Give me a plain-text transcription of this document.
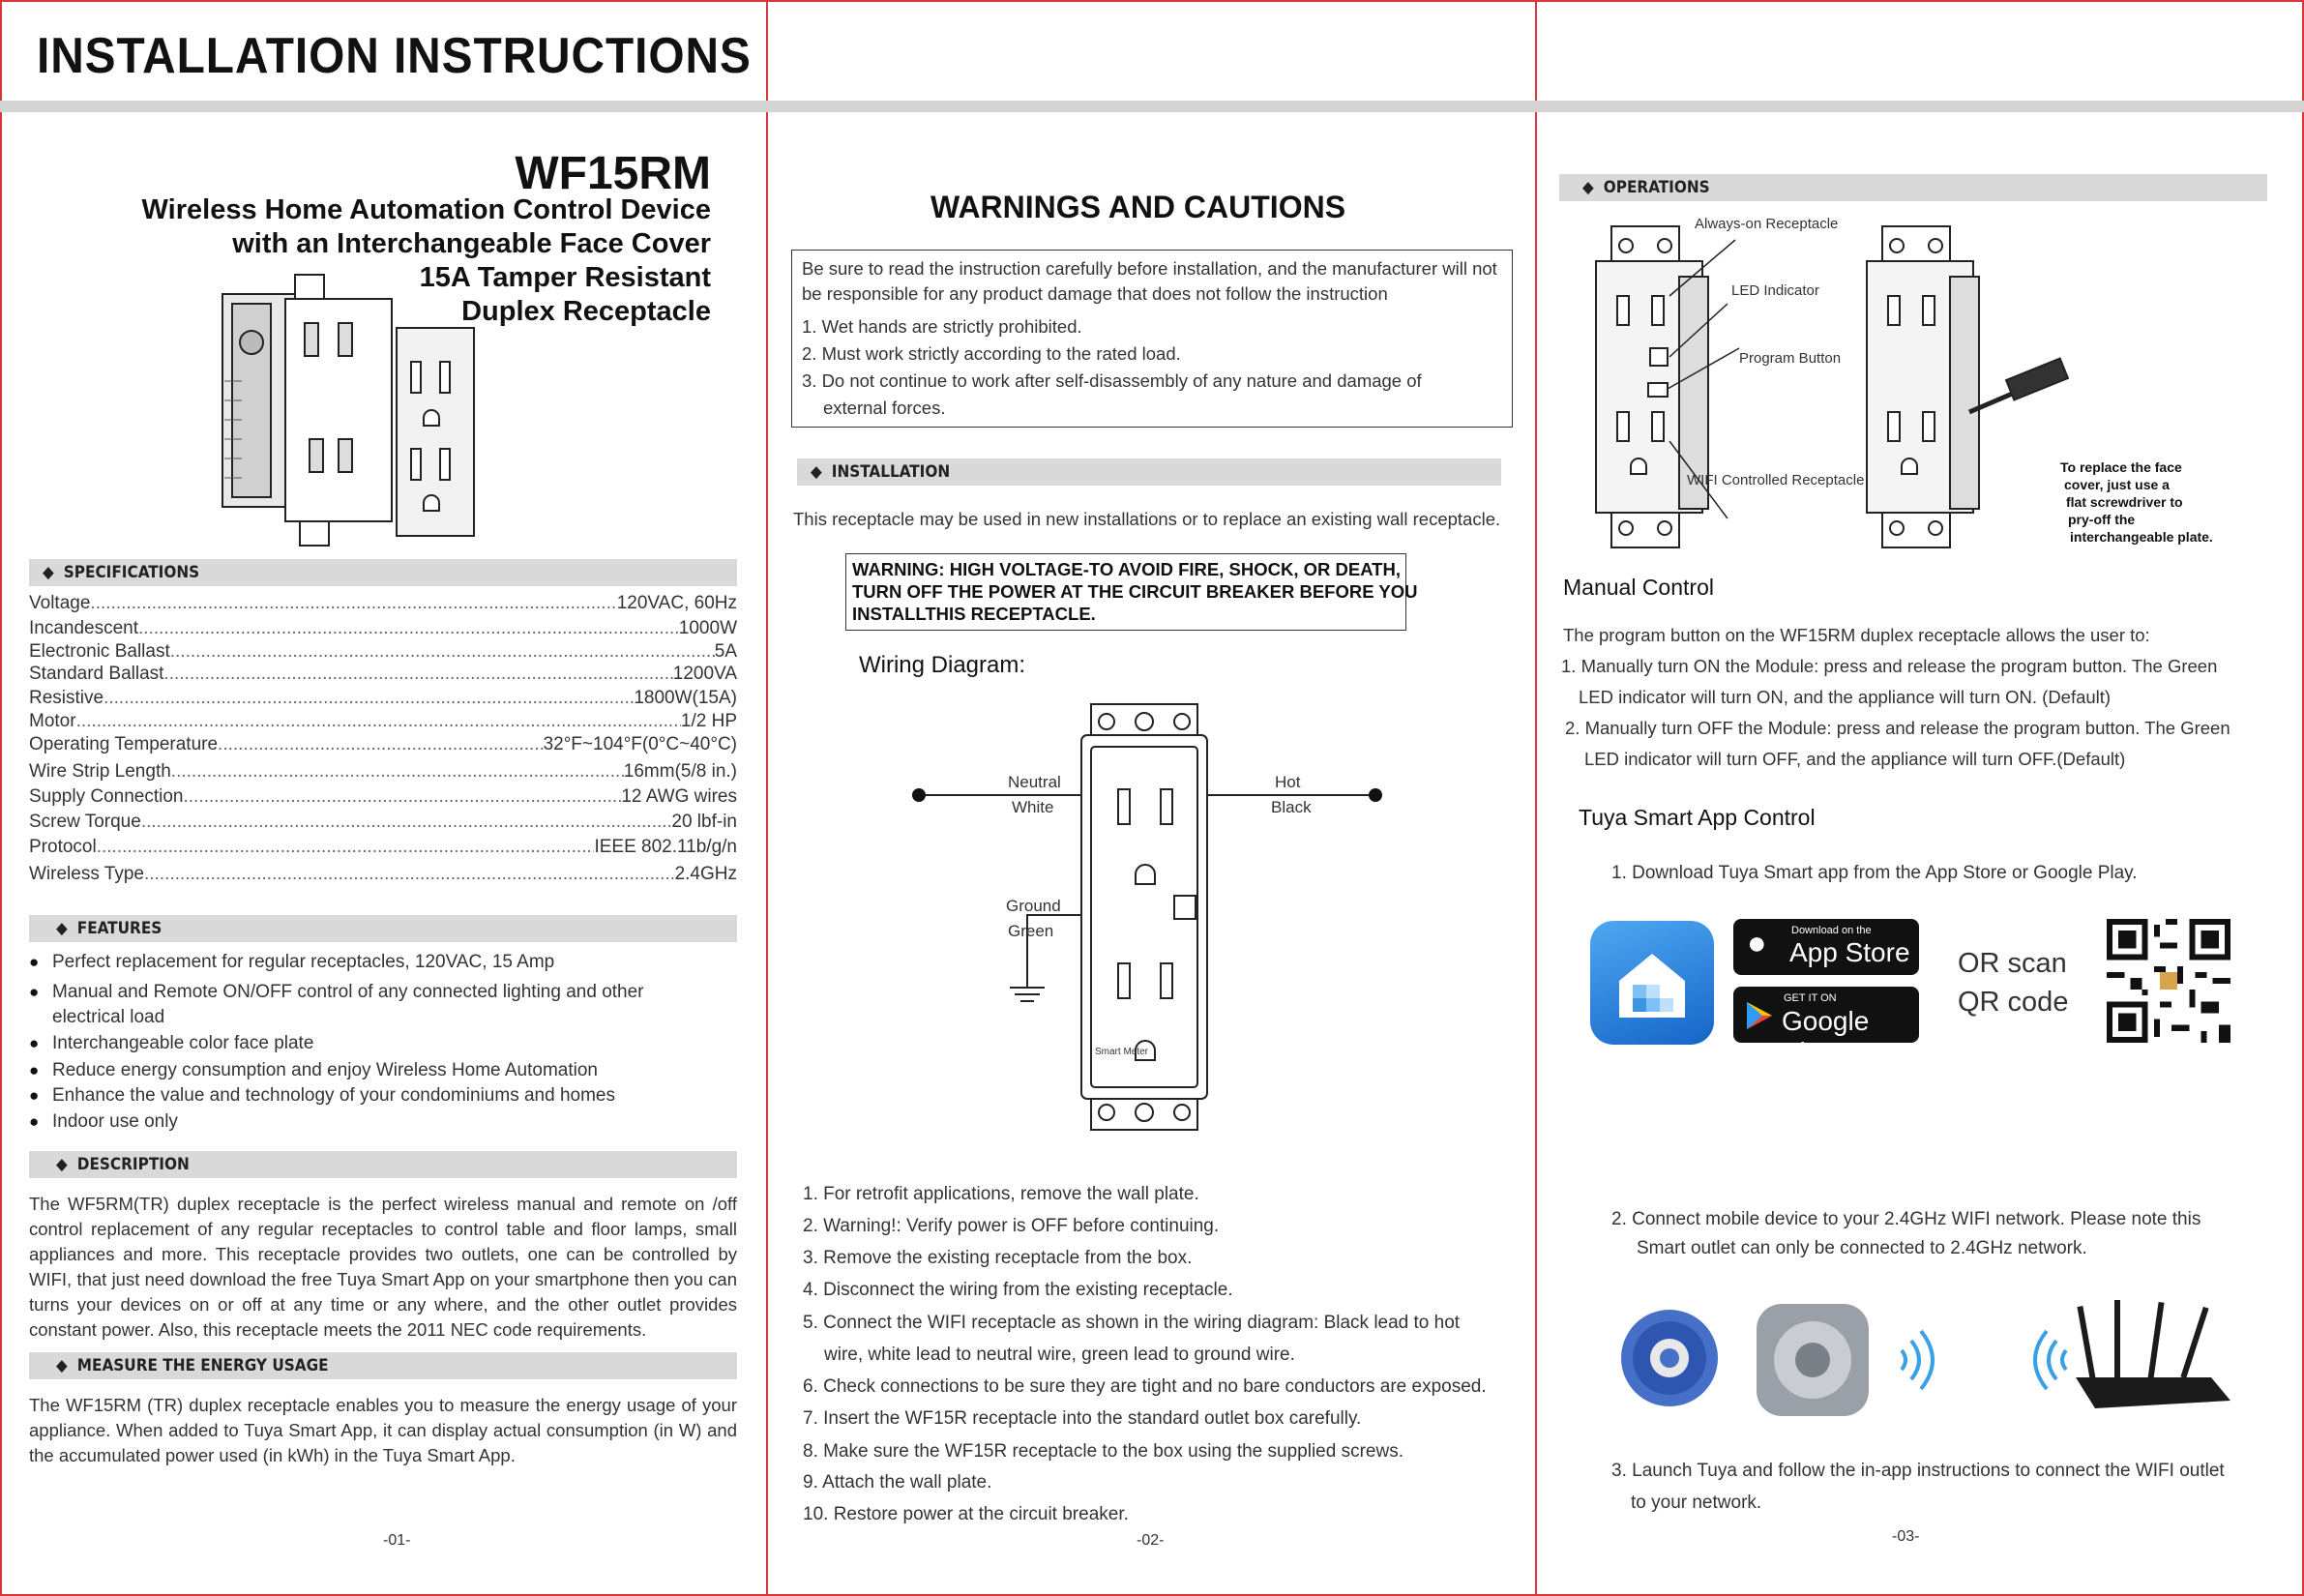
INSTALLATION INSTRUCTIONS
WF15RM
Wireless Home Automation Control Device
with an Interchangeable Face Cover
15A Tamper Resistant
Duplex Receptacle
◆ SPECIFICATIONS
Voltage .....	120VAC, 60Hz
Incandescent .....	1000W
Electronic Ballast .....	5A
Standard Ballast .....	1200VA
Resistive .....	1800W(15A)
Motor .....	1/2 HP
Operating Temperature .....	32°F~104°F(0°C~40°C)
Wire Strip Length .....	16mm(5/8 in.)
Supply Connection .....	12 AWG wires
Screw Torque .....	20 lbf-in
Protocol .....	IEEE 802.11b/g/n
Wireless Type .....	2.4GHz
◆ FEATURES
● Perfect replacement for regular receptacles, 120VAC, 15 Amp
● Manual and Remote ON/OFF control of any connected lighting and other electrical load
● Interchangeable color face plate
● Reduce energy consumption and enjoy Wireless Home Automation
● Enhance the value and technology of your condominiums and homes
● Indoor use only
◆ DESCRIPTION
The WF5RM(TR) duplex receptacle is the perfect wireless manual and remote on /off control replacement of any regular receptacles to control table and floor lamps, small appliances and more. This receptacle provides two outlets, one can be controlled by WIFI, that just need download the free Tuya Smart App on your smartphone then you can turns your devices on or off at any time or any where, and the other outlet provides constant power. Also, this receptacle meets the 2011 NEC code requirements.
◆ MEASURE THE ENERGY USAGE
The WF15RM (TR) duplex receptacle enables you to measure the energy usage of your appliance. When added to Tuya Smart App, it can display actual consumption (in W) and the accumulated power used (in kWh) in the Tuya Smart App.
-01-
WARNINGS AND CAUTIONS
Be sure to read the instruction carefully before installation, and the manufacturer will not be responsible for any product damage that does not follow the instruction
1. Wet hands are strictly prohibited.
2. Must work strictly according to the rated load.
3. Do not continue to work after self-disassembly of any nature and damage of
external forces.
◆ INSTALLATION
This receptacle may be used in new installations or to replace an existing wall receptacle.
WARNING: HIGH VOLTAGE-TO AVOID FIRE, SHOCK, OR DEATH,
TURN OFF THE POWER AT THE CIRCUIT BREAKER BEFORE YOU
INSTALLTHIS RECEPTACLE.
Wiring Diagram:
Neutral
White
Hot
Black
Ground
Green
Smart Meter
1. For retrofit applications, remove the wall plate.
2. Warning!: Verify power is OFF before continuing.
3. Remove the existing receptacle from the box.
4. Disconnect the wiring from the existing receptacle.
5. Connect the WIFI receptacle as shown in the wiring diagram: Black lead to hot
wire, white lead to neutral wire, green lead to ground wire.
6. Check connections to be sure they are tight and no bare conductors are exposed.
7. Insert the WF15R receptacle into the standard outlet box carefully.
8. Make sure the WF15R receptacle to the box using the supplied screws.
9. Attach the wall plate.
10. Restore power at the circuit breaker.
-02-
◆ OPERATIONS
Always-on Receptacle
LED Indicator
Program Button
WIFI Controlled Receptacle
To replace the face
cover, just use a
flat screwdriver to
pry-off the
interchangeable plate.
Manual Control
The program button on the WF15RM duplex receptacle allows the user to:
1. Manually turn ON the Module: press and release the program button. The Green
LED indicator will turn ON, and the appliance will turn ON. (Default)
2. Manually turn OFF the Module: press and release the program button. The Green
LED indicator will turn OFF, and the appliance will turn OFF.(Default)
Tuya Smart App Control
1. Download Tuya Smart app from the App Store or Google Play.
● Download on the
App Store
GET IT ON
Google Play
OR scan
QR code
2. Connect mobile device to your 2.4GHz WIFI network. Please note this
Smart outlet can only be connected to 2.4GHz network.
3. Launch Tuya and follow the in-app instructions to connect the WIFI outlet
to your network.
-03-
